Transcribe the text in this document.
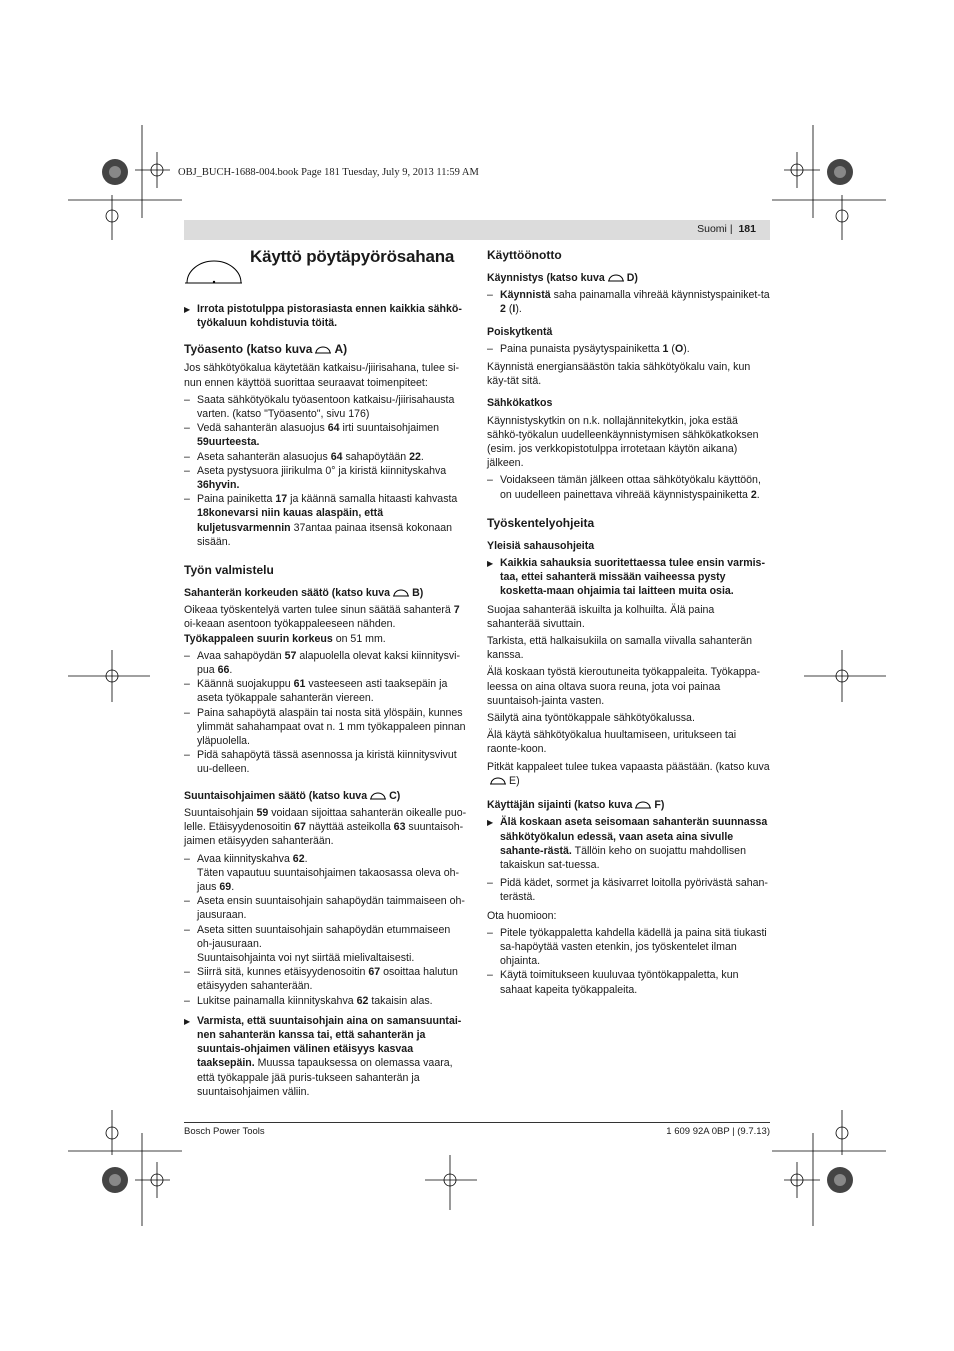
OBJ_BUCH-1688-004.book Page 181 Tuesday, July 9, 2013 11:59 AM
Suomi | 181
Käyttö pöytäpyörösahana

▶ Irrota pistotulppa pistorasiasta ennen kaikkia sähkö-työkaluun kohdistuvia töitä.

Työasento (katso kuva A)

Jos sähkötyökalua käytetään katkaisu-/jiirisahana, tulee si-nun ennen käyttöä suorittaa seuraavat toimenpiteet:

– Saata sähkötyökalu työasentoon katkaisu-/jiirisahausta varten. (katso "Työasento", sivu 176)

– Vedä sahanterän alasuojus 64 irti suuntaisohjaimen 59uurteesta.

– Aseta sahanterän alasuojus 64 sahapöytään 22.

– Aseta pystysuora jiirikulma 0° ja kiristä kiinnityskahva 36hyvin.

– Paina painiketta 17 ja käännä samalla hitaasti kahvasta 18konevarsi niin kauas alaspäin, että kuljetusvarmennin 37antaa painaa itsensä kokonaan sisään.

Työn valmistelu
Sahanterän korkeuden säätö (katso kuva B)

Oikeaa työskentelyä varten tulee sinun säätää sahanterä 7 oi-keaan asentoon työkappaleeseen nähden. Työkappaleen suurin korkeus on 51 mm.

– Avaa sahapöydän 57 alapuolella olevat kaksi kiinnitysvi-pua 66.

– Käännä suojakuppu 61 vasteeseen asti taaksepäin ja aseta työkappale sahanterän viereen.

– Paina sahapöytä alaspäin tai nosta sitä ylöspäin, kunnes ylimmät sahahampaat ovat n. 1 mm työkappaleen pinnan yläpuolella.

– Pidä sahapöytä tässä asennossa ja kiristä kiinnitysvivut uu-delleen.

Suuntaisohjaimen säätö (katso kuva C)

Suuntaisohjain 59 voidaan sijoittaa sahanterän oikealle puo-lelle. Etäisyydenosoitin 67 näyttää asteikolla 63 suuntaisoh-jaimen etäisyyden sahanterään.

– Avaa kiinnityskahva 62.

Täten vapautuu suuntaisohjaimen takaosassa oleva oh-jaus 69.

– Aseta ensin suuntaisohjain sahapöydän taimmaiseen oh-jausuraan.

– Aseta sitten suuntaisohjain sahapöydän etummaiseen oh-jausuraan.

Suuntaisohjainta voi nyt siirtää mielivaltaisesti.

– Siirrä sitä, kunnes etäisyydenosoitin 67 osoittaa halutun etäisyyden sahanterään.

– Lukitse painamalla kiinnityskahva 62 takaisin alas.

▶ Varmista, että suuntaisohjain aina on samansuuntai-nen sahanterän kanssa tai, että sahanterän ja suuntais-ohjaimen välinen etäisyys kasvaa taaksepäin. Muussa tapauksessa on olemassa vaara, että työkappale jää puris-tukseen sahanterän ja suuntaisohjaimen väliin.

Käyttöönotto
Käynnistys (katso kuva D)

– Käynnistä saha painamalla vihreää käynnistyspainiket-ta 2 (I).

Poiskytkentä

– Paina punaista pysäytyspainiketta 1 (O).

Käynnistä energiansäästön takia sähkötyökalu vain, kun käy-tät sitä.

Sähkökatkos

Käynnistyskytkin on n.k. nollajännitekytkin, joka estää sähkö-työkalun uudelleenkäynnistymisen sähkökatkoksen (esim. jos verkkopistotulppa irrotetaan käytön aikana) jälkeen.

– Voidakseen tämän jälkeen ottaa sähkötyökalu käyttöön, on uudelleen painettava vihreää käynnistyspainiketta 2.

Työskentelyohjeita
Yleisiä sahausohjeita

▶ Kaikkia sahauksia suoritettaessa tulee ensin varmis-taa, ettei sahanterä missään vaiheessa pysty kosketta-maan ohjaimia tai laitteen muita osia.

Suojaa sahanterää iskuilta ja kolhuilta. Älä paina sahanterää sivuttain.

Tarkista, että halkaisukiila on samalla viivalla sahanterän kanssa.

Älä koskaan työstä kieroutuneita työkappaleita. Työkappa-leessa on aina oltava suora reuna, jota voi painaa suuntaisoh-jainta vasten.

Säilytä aina työntökappale sähkötyökalussa.

Älä käytä sähkötyökalua huultamiseen, uritukseen tai raonte-koon.

Pitkät kappaleet tulee tukea vapaasta päästään. (katso kuvaE)

Käyttäjän sijainti (katso kuva F)

▶ Älä koskaan aseta seisomaan sahanterän suunnassa sähkötyökalun edessä, vaan aseta aina sivulle sahante-rästä. Tällöin keho on suojattu mahdollisen takaiskun sat-tuessa.

– Pidä kädet, sormet ja käsivarret loitolla pyörivästä sahan-terästä.

Ota huomioon:

– Pitele työkappaletta kahdella kädellä ja paina sitä tiukasti sa-hapöytää vasten etenkin, jos työskentelet ilman ohjainta.

– Käytä toimitukseen kuuluvaa työntökappaletta, kun sahaat kapeita työkappaleita.

Bosch Power Tools	1 609 92A 0BP | (9.7.13)
